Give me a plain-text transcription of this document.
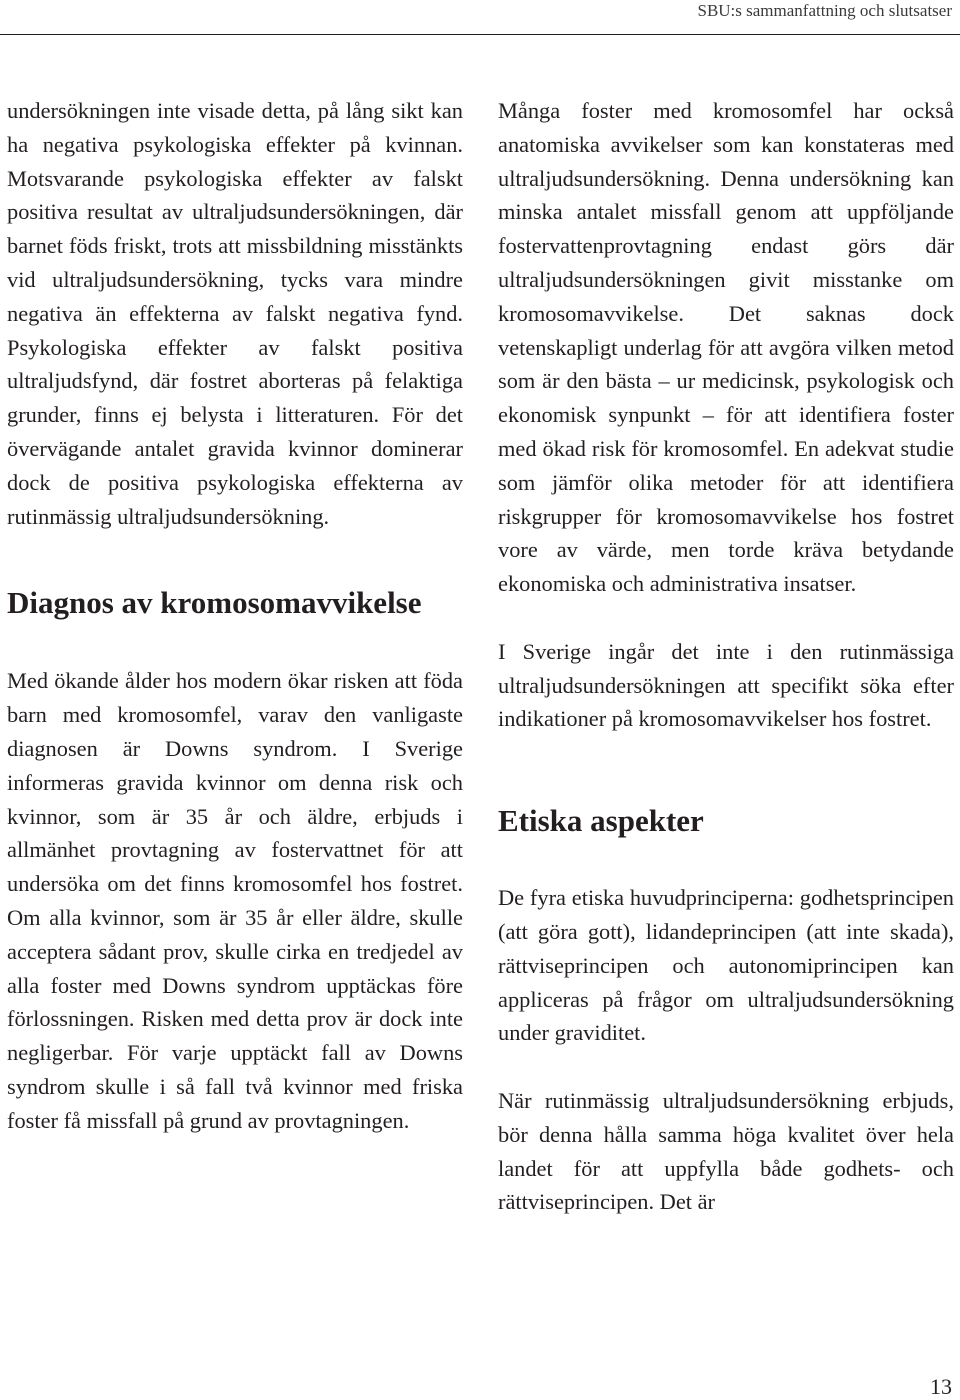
SBU:s sammanfattning och slutsatser

undersökningen inte visade detta, på lång sikt kan ha negativa psykologiska effekter på kvinnan. Motsvarande psykologiska effekter av falskt positiva resultat av ultraljudsundersökningen, där barnet föds friskt, trots att missbildning misstänkts vid ultraljudsundersökning, tycks vara mindre negativa än effekterna av falskt negativa fynd. Psykologiska effekter av falskt positiva ultraljudsfynd, där fostret aborteras på felaktiga grunder, finns ej belysta i litteraturen. För det övervägande antalet gravida kvinnor dominerar dock de positiva psykologiska effekterna av rutinmässig ultraljudsundersökning.

Diagnos av kromosomavvikelse

Med ökande ålder hos modern ökar risken att föda barn med kromosomfel, varav den vanligaste diagnosen är Downs syndrom. I Sverige informeras gravida kvinnor om denna risk och kvinnor, som är 35 år och äldre, erbjuds i allmänhet provtagning av fostervattnet för att undersöka om det finns kromosomfel hos fostret. Om alla kvinnor, som är 35 år eller äldre, skulle acceptera sådant prov, skulle cirka en tredjedel av alla foster med Downs syndrom upptäckas före förlossningen. Risken med detta prov är dock inte negligerbar. För varje upptäckt fall av Downs syndrom skulle i så fall två kvinnor med friska foster få missfall på grund av provtagningen.

Många foster med kromosomfel har också anatomiska avvikelser som kan konstateras med ultraljudsundersökning. Denna undersökning kan minska antalet missfall genom att uppföljande fostervattenprovtagning endast görs där ultraljudsundersökningen givit misstanke om kromosomavvikelse. Det saknas dock vetenskapligt underlag för att avgöra vilken metod som är den bästa – ur medicinsk, psykologisk och ekonomisk synpunkt – för att identifiera foster med ökad risk för kromosomfel. En adekvat studie som jämför olika metoder för att identifiera riskgrupper för kromosomavvikelse hos fostret vore av värde, men torde kräva betydande ekonomiska och administrativa insatser.

I Sverige ingår det inte i den rutinmässiga ultraljudsundersökningen att specifikt söka efter indikationer på kromosomavvikelser hos fostret.

Etiska aspekter

De fyra etiska huvudprinciperna: godhetsprincipen (att göra gott), lidandeprincipen (att inte skada), rättviseprincipen och autonomiprincipen kan appliceras på frågor om ultraljudsundersökning under graviditet.

När rutinmässig ultraljudsundersökning erbjuds, bör denna hålla samma höga kvalitet över hela landet för att uppfylla både godhets- och rättviseprincipen. Det är

13
